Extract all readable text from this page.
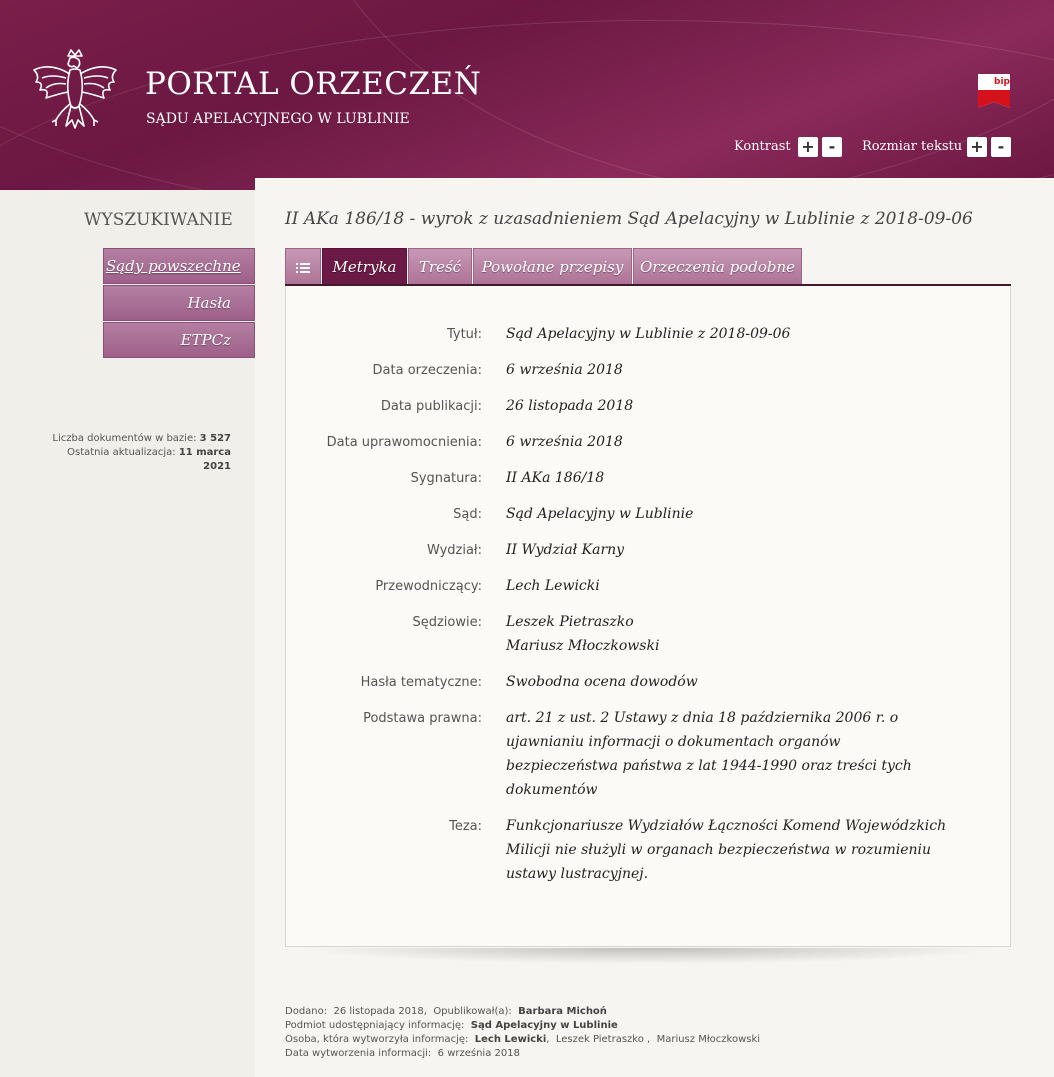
PORTAL ORZECZEŃ
SĄDU APELACYJNEGO W LUBLINIE
bip
Kontrast + -	Rozmiar tekstu + -
WYSZUKIWANIE
Sądy powszechne
Hasła
ETPCz
Liczba dokumentów w bazie: 3 527
Ostatnia aktualizacja: 11 marca
2021
II AKa 186/18 - wyrok z uzasadnieniem Sąd Apelacyjny w Lublinie z 2018-09-06
Metryka	Treść	Powołane przepisy	Orzeczenia podobne
Tytuł: Sąd Apelacyjny w Lublinie z 2018-09-06
Data orzeczenia: 6 września 2018
Data publikacji: 26 listopada 2018
Data uprawomocnienia: 6 września 2018
Sygnatura: II AKa 186/18
Sąd: Sąd Apelacyjny w Lublinie
Wydział: II Wydział Karny
Przewodniczący: Lech Lewicki
Sędziowie: Leszek Pietraszko
Mariusz Młoczkowski
Hasła tematyczne: Swobodna ocena dowodów
Podstawa prawna: art. 21 z ust. 2 Ustawy z dnia 18 października 2006 r. o
ujawnianiu informacji o dokumentach organów
bezpieczeństwa państwa z lat 1944-1990 oraz treści tych
dokumentów
Teza: Funkcjonariusze Wydziałów Łączności Komend Wojewódzkich
Milicji nie służyli w organach bezpieczeństwa w rozumieniu
ustawy lustracyjnej.
Dodano: 26 listopada 2018, Opublikował(a): Barbara Michoń
Podmiot udostępniający informację: Sąd Apelacyjny w Lublinie
Osoba, która wytworzyła informację: Lech Lewicki,  Leszek Pietraszko , Mariusz Młoczkowski
Data wytworzenia informacji: 6 września 2018
